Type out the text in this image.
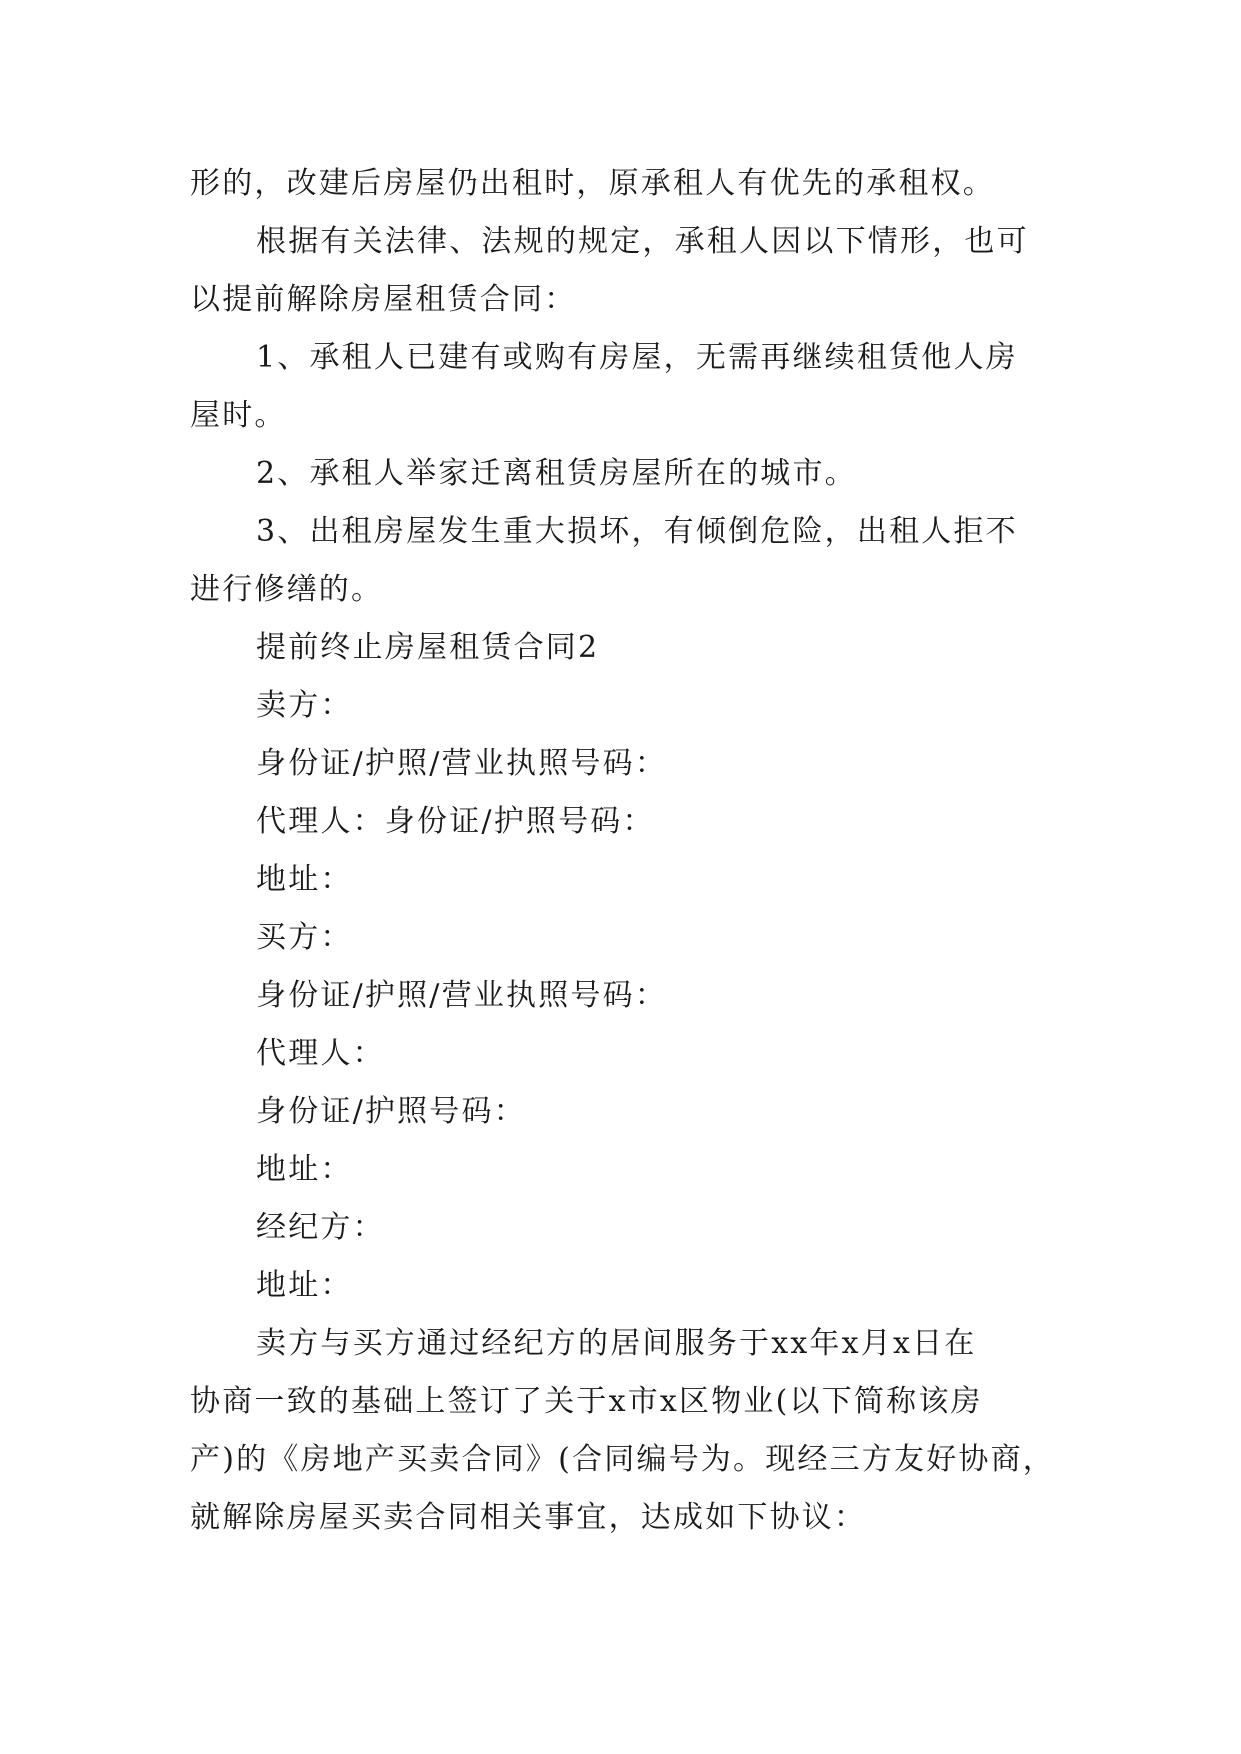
形的，改建后房屋仍出租时，原承租人有优先的承租权。
根据有关法律、法规的规定，承租人因以下情形，也可
以提前解除房屋租赁合同：
1、承租人已建有或购有房屋，无需再继续租赁他人房
屋时。
2、承租人举家迁离租赁房屋所在的城市。
3、出租房屋发生重大损坏，有倾倒危险，出租人拒不
进行修缮的。
提前终止房屋租赁合同2
卖方：
身份证/护照/营业执照号码：
代理人：身份证/护照号码：
地址：
买方：
身份证/护照/营业执照号码：
代理人：
身份证/护照号码：
地址：
经纪方：
地址：
卖方与买方通过经纪方的居间服务于xx年x月x日在
协商一致的基础上签订了关于x市x区物业(以下简称该房
产)的《房地产买卖合同》(合同编号为。现经三方友好协商，
就解除房屋买卖合同相关事宜，达成如下协议：
